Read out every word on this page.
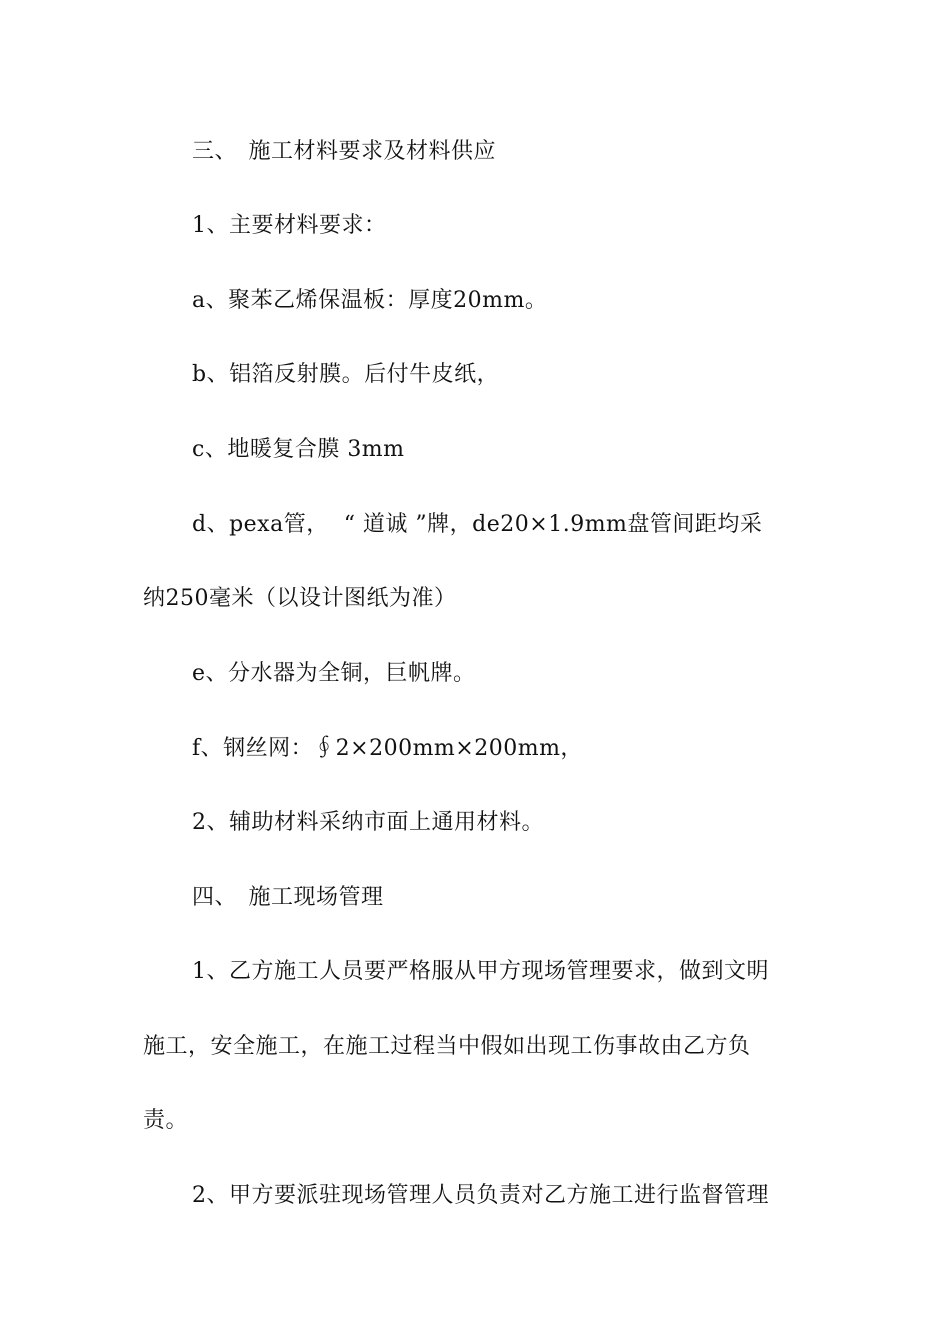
三、　施工材料要求及材料供应
1、主要材料要求：
a、聚苯乙烯保温板：厚度20mm。
b、铝箔反射膜。后付牛皮纸，
c、地暖复合膜 3mm
d、pexa管，  “ 道诚 ”牌，de20×1.9mm盘管间距均采
纳250毫米（以设计图纸为准）
e、分水器为全铜，巨帆牌。
f、钢丝网：∮2×200mm×200mm，
2、辅助材料采纳市面上通用材料。
四、　施工现场管理
1、乙方施工人员要严格服从甲方现场管理要求，做到文明
施工，安全施工，在施工过程当中假如出现工伤事故由乙方负
责。
2、甲方要派驻现场管理人员负责对乙方施工进行监督管理
